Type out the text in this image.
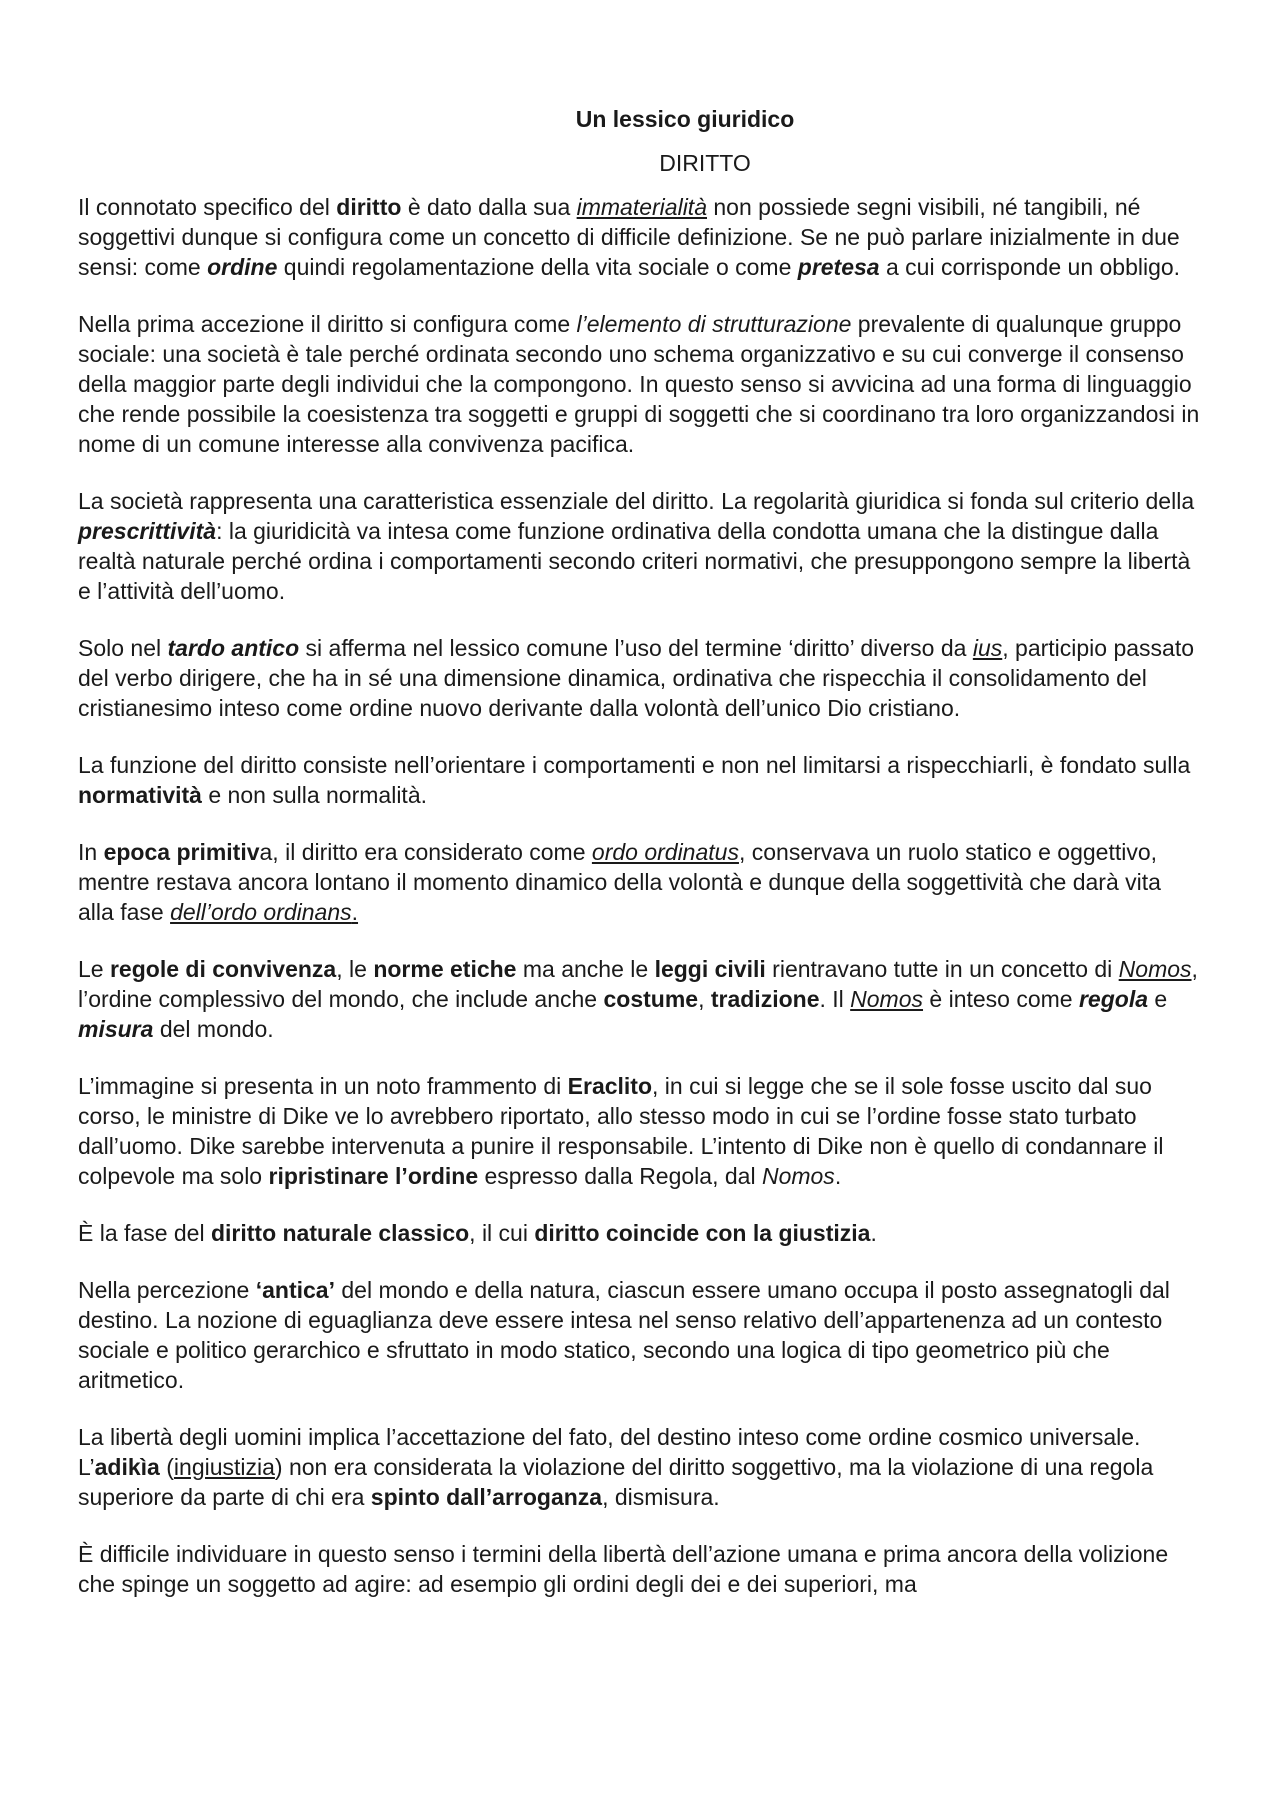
Un lessico giuridico
DIRITTO

Il connotato specifico del diritto è dato dalla sua immaterialità non possiede segni visibili, né tangibili, né soggettivi dunque si configura come un concetto di difficile definizione. Se ne può parlare inizialmente in due sensi: come ordine quindi regolamentazione della vita sociale o come pretesa a cui corrisponde un obbligo.

Nella prima accezione il diritto si configura come l’elemento di strutturazione prevalente di qualunque gruppo sociale: una società è tale perché ordinata secondo uno schema organizzativo e su cui converge il consenso della maggior parte degli individui che la compongono. In questo senso si avvicina ad una forma di linguaggio che rende possibile la coesistenza tra soggetti e gruppi di soggetti che si coordinano tra loro organizzandosi in nome di un comune interesse alla convivenza pacifica.

La società rappresenta una caratteristica essenziale del diritto. La regolarità giuridica si fonda sul criterio della prescrittività: la giuridicità va intesa come funzione ordinativa della condotta umana che la distingue dalla realtà naturale perché ordina i comportamenti secondo criteri normativi, che presuppongono sempre la libertà e l’attività dell’uomo.

Solo nel tardo antico si afferma nel lessico comune l’uso del termine ‘diritto’ diverso da ius, participio passato del verbo dirigere, che ha in sé una dimensione dinamica, ordinativa che rispecchia il consolidamento del cristianesimo inteso come ordine nuovo derivante dalla volontà dell’unico Dio cristiano.

La funzione del diritto consiste nell’orientare i comportamenti e non nel limitarsi a rispecchiarli, è fondato sulla normatività e non sulla normalità.

In epoca primitiva, il diritto era considerato come ordo ordinatus, conservava un ruolo statico e oggettivo, mentre restava ancora lontano il momento dinamico della volontà e dunque della soggettività che darà vita alla fase dell’ordo ordinans.

Le regole di convivenza, le norme etiche ma anche le leggi civili rientravano tutte in un concetto di Nomos, l’ordine complessivo del mondo, che include anche costume, tradizione. Il Nomos è inteso come regola e misura del mondo.

L’immagine si presenta in un noto frammento di Eraclito, in cui si legge che se il sole fosse uscito dal suo corso, le ministre di Dike ve lo avrebbero riportato, allo stesso modo in cui se l’ordine fosse stato turbato dall’uomo. Dike sarebbe intervenuta a punire il responsabile. L’intento di Dike non è quello di condannare il colpevole ma solo ripristinare l’ordine espresso dalla Regola, dal Nomos.

È la fase del diritto naturale classico, il cui diritto coincide con la giustizia.

Nella percezione ‘antica’ del mondo e della natura, ciascun essere umano occupa il posto assegnatogli dal destino. La nozione di eguaglianza deve essere intesa nel senso relativo dell’appartenenza ad un contesto sociale e politico gerarchico e sfruttato in modo statico, secondo una logica di tipo geometrico più che aritmetico.

La libertà degli uomini implica l’accettazione del fato, del destino inteso come ordine cosmico universale. L’adikìa (ingiustizia) non era considerata la violazione del diritto soggettivo, ma la violazione di una regola superiore da parte di chi era spinto dall’arroganza, dismisura.

È difficile individuare in questo senso i termini della libertà dell’azione umana e prima ancora della volizione che spinge un soggetto ad agire: ad esempio gli ordini degli dei e dei superiori, ma
